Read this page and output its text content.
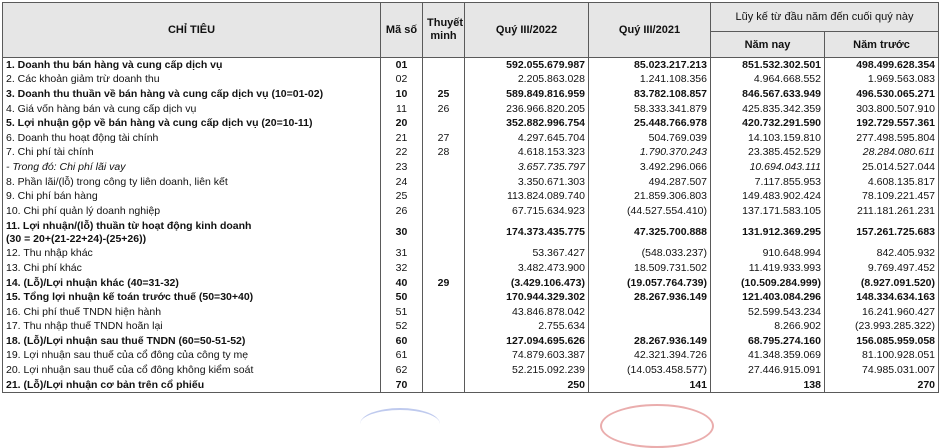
CHỈ TIÊU	Mã số	Thuyết minh	Quý III/2022	Quý III/2021	Lũy kế từ đầu năm đến cuối quý này	
					Năm nay	Năm trước
1. Doanh thu bán hàng và cung cấp dịch vụ	01		592.055.679.987	85.023.217.213	851.532.302.501	498.499.628.354
2. Các khoản giảm trừ doanh thu	02		2.205.863.028	1.241.108.356	4.964.668.552	1.969.563.083
3. Doanh thu thuần về bán hàng và cung cấp dịch vụ (10=01-02)	10	25	589.849.816.959	83.782.108.857	846.567.633.949	496.530.065.271
4. Giá vốn hàng bán và cung cấp dịch vụ	11	26	236.966.820.205	58.333.341.879	425.835.342.359	303.800.507.910
5. Lợi nhuận gộp về bán hàng và cung cấp dịch vụ (20=10-11)	20		352.882.996.754	25.448.766.978	420.732.291.590	192.729.557.361
6. Doanh thu hoạt động tài chính	21	27	4.297.645.704	504.769.039	14.103.159.810	277.498.595.804
7. Chi phí tài chính	22	28	4.618.153.323	1.790.370.243	23.385.452.529	28.284.080.611
- Trong đó: Chi phí lãi vay	23		3.657.735.797	3.492.296.066	10.694.043.111	25.014.527.044
8. Phần lãi/(lỗ) trong công ty liên doanh, liên kết	24		3.350.671.303	494.287.507	7.117.855.953	4.608.135.817
9. Chi phí bán hàng	25		113.824.089.740	21.859.306.803	149.483.902.424	78.109.221.457
10. Chi phí quản lý doanh nghiệp	26		67.715.634.923	(44.527.554.410)	137.171.583.105	211.181.261.231
11. Lợi nhuận/(lỗ) thuần từ hoạt động kinh doanh
(30 = 20+(21-22+24)-(25+26))	30		174.373.435.775	47.325.700.888	131.912.369.295	157.261.725.683
12. Thu nhập khác	31		53.367.427	(548.033.237)	910.648.994	842.405.932
13. Chi phí khác	32		3.482.473.900	18.509.731.502	11.419.933.993	9.769.497.452
14. (Lỗ)/Lợi nhuận khác (40=31-32)	40	29	(3.429.106.473)	(19.057.764.739)	(10.509.284.999)	(8.927.091.520)
15. Tổng lợi nhuận kế toán trước thuế (50=30+40)	50		170.944.329.302	28.267.936.149	121.403.084.296	148.334.634.163
16. Chi phí thuế TNDN hiện hành	51		43.846.878.042		52.599.543.234	16.241.960.427
17. Thu nhập thuế TNDN hoãn lại	52		2.755.634		8.266.902	(23.993.285.322)
18. (Lỗ)/Lợi nhuận sau thuế TNDN (60=50-51-52)	60		127.094.695.626	28.267.936.149	68.795.274.160	156.085.959.058
19. Lợi nhuận sau thuế của cổ đông của công ty mẹ	61		74.879.603.387	42.321.394.726	41.348.359.069	81.100.928.051
20. Lợi nhuận sau thuế của cổ đông không kiểm soát	62		52.215.092.239	(14.053.458.577)	27.446.915.091	74.985.031.007
21. (Lỗ)/Lợi nhuận cơ bản trên cổ phiếu	70		250	141	138	270
